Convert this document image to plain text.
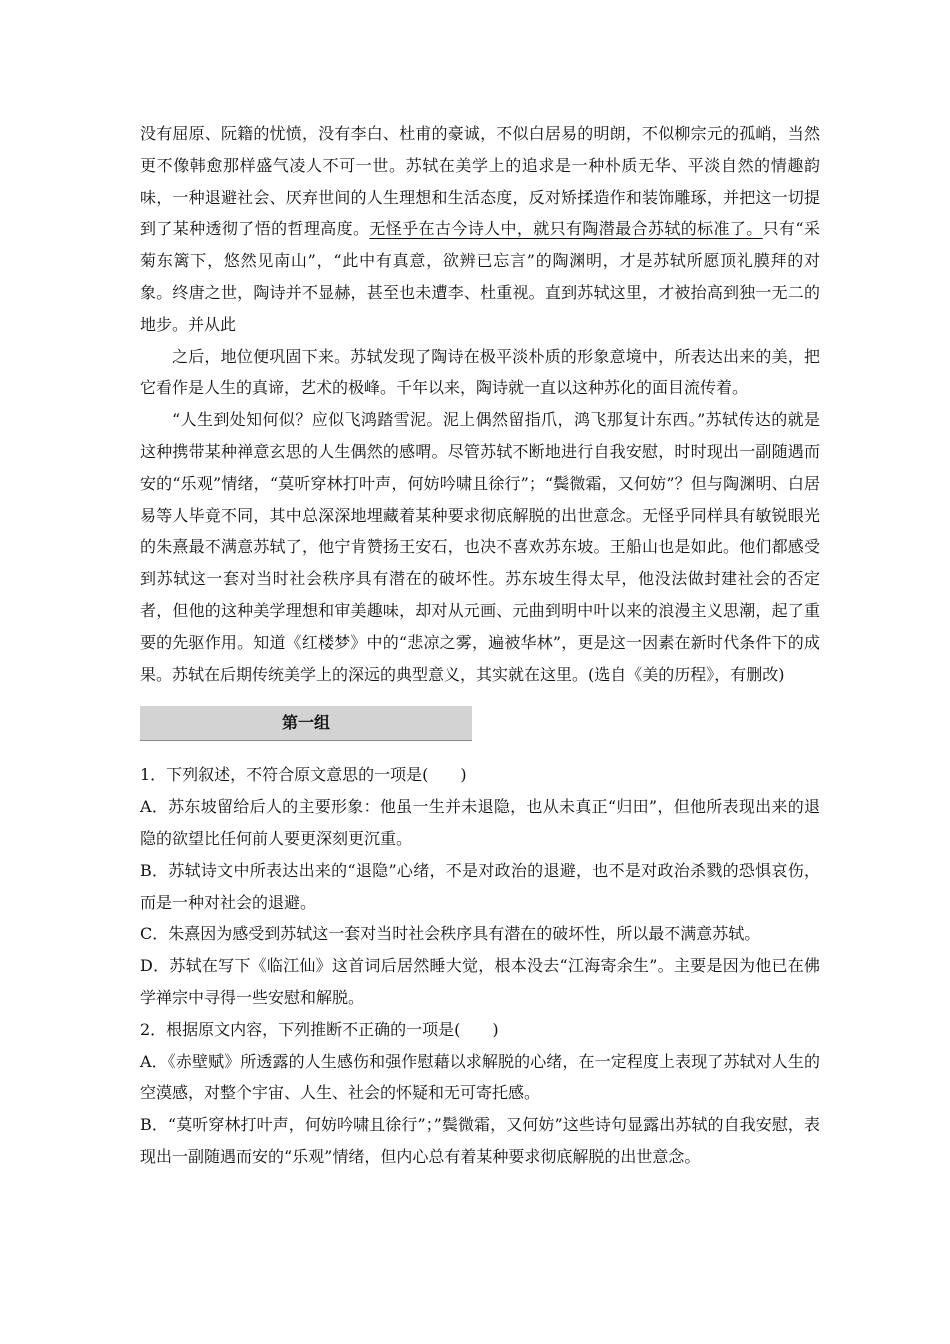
没有屈原、阮籍的忧愤，没有李白、杜甫的豪诚，不似白居易的明朗，不似柳宗元的孤峭，当然更不像韩愈那样盛气凌人不可一世。苏轼在美学上的追求是一种朴质无华、平淡自然的情趣韵味，一种退避社会、厌弃世间的人生理想和生活态度，反对矫揉造作和装饰雕琢，并把这一切提到了某种透彻了悟的哲理高度。无怪乎在古今诗人中，就只有陶潜最合苏轼的标准了。只有“采菊东篱下，悠然见南山”，“此中有真意，欲辨已忘言”的陶渊明，才是苏轼所愿顶礼膜拜的对象。终唐之世，陶诗并不显赫，甚至也未遭李、杜重视。直到苏轼这里，才被抬高到独一无二的地步。并从此
之后，地位便巩固下来。苏轼发现了陶诗在极平淡朴质的形象意境中，所表达出来的美，把它看作是人生的真谛，艺术的极峰。千年以来，陶诗就一直以这种苏化的面目流传着。
“人生到处知何似？应似飞鸿踏雪泥。泥上偶然留指爪，鸿飞那复计东西。”苏轼传达的就是这种携带某种禅意玄思的人生偶然的感喟。尽管苏轼不断地进行自我安慰，时时现出一副随遇而安的“乐观”情绪，“莫听穿林打叶声，何妨吟啸且徐行”；“鬓微霜，又何妨”？但与陶渊明、白居易等人毕竟不同，其中总深深地埋藏着某种要求彻底解脱的出世意念。无怪乎同样具有敏锐眼光的朱熹最不满意苏轼了，他宁肯赞扬王安石，也决不喜欢苏东坡。王船山也是如此。他们都感受到苏轼这一套对当时社会秩序具有潜在的破坏性。苏东坡生得太早，他没法做封建社会的否定者，但他的这种美学理想和审美趣味，却对从元画、元曲到明中叶以来的浪漫主义思潮，起了重要的先驱作用。知道《红楼梦》中的“悲凉之雾，遍被华林”，更是这一因素在新时代条件下的成果。苏轼在后期传统美学上的深远的典型意义，其实就在这里。(选自《美的历程》，有删改)
第一组

1．下列叙述，不符合原文意思的一项是(　　)

A．苏东坡留给后人的主要形象：他虽一生并未退隐，也从未真正“归田”，但他所表现出来的退隐的欲望比任何前人要更深刻更沉重。

B．苏轼诗文中所表达出来的“退隐”心绪，不是对政治的退避，也不是对政治杀戮的恐惧哀伤，而是一种对社会的退避。

C．朱熹因为感受到苏轼这一套对当时社会秩序具有潜在的破坏性，所以最不满意苏轼。

D．苏轼在写下《临江仙》这首词后居然睡大觉，根本没去“江海寄余生”。主要是因为他已在佛学禅宗中寻得一些安慰和解脱。

2．根据原文内容，下列推断不正确的一项是(　　)

A．《赤壁赋》所透露的人生感伤和强作慰藉以求解脱的心绪，在一定程度上表现了苏轼对人生的空漠感，对整个宇宙、人生、社会的怀疑和无可寄托感。

B．“莫听穿林打叶声，何妨吟啸且徐行”；”鬓微霜，又何妨”这些诗句显露出苏轼的自我安慰，表现出一副随遇而安的“乐观”情绪，但内心总有着某种要求彻底解脱的出世意念。
